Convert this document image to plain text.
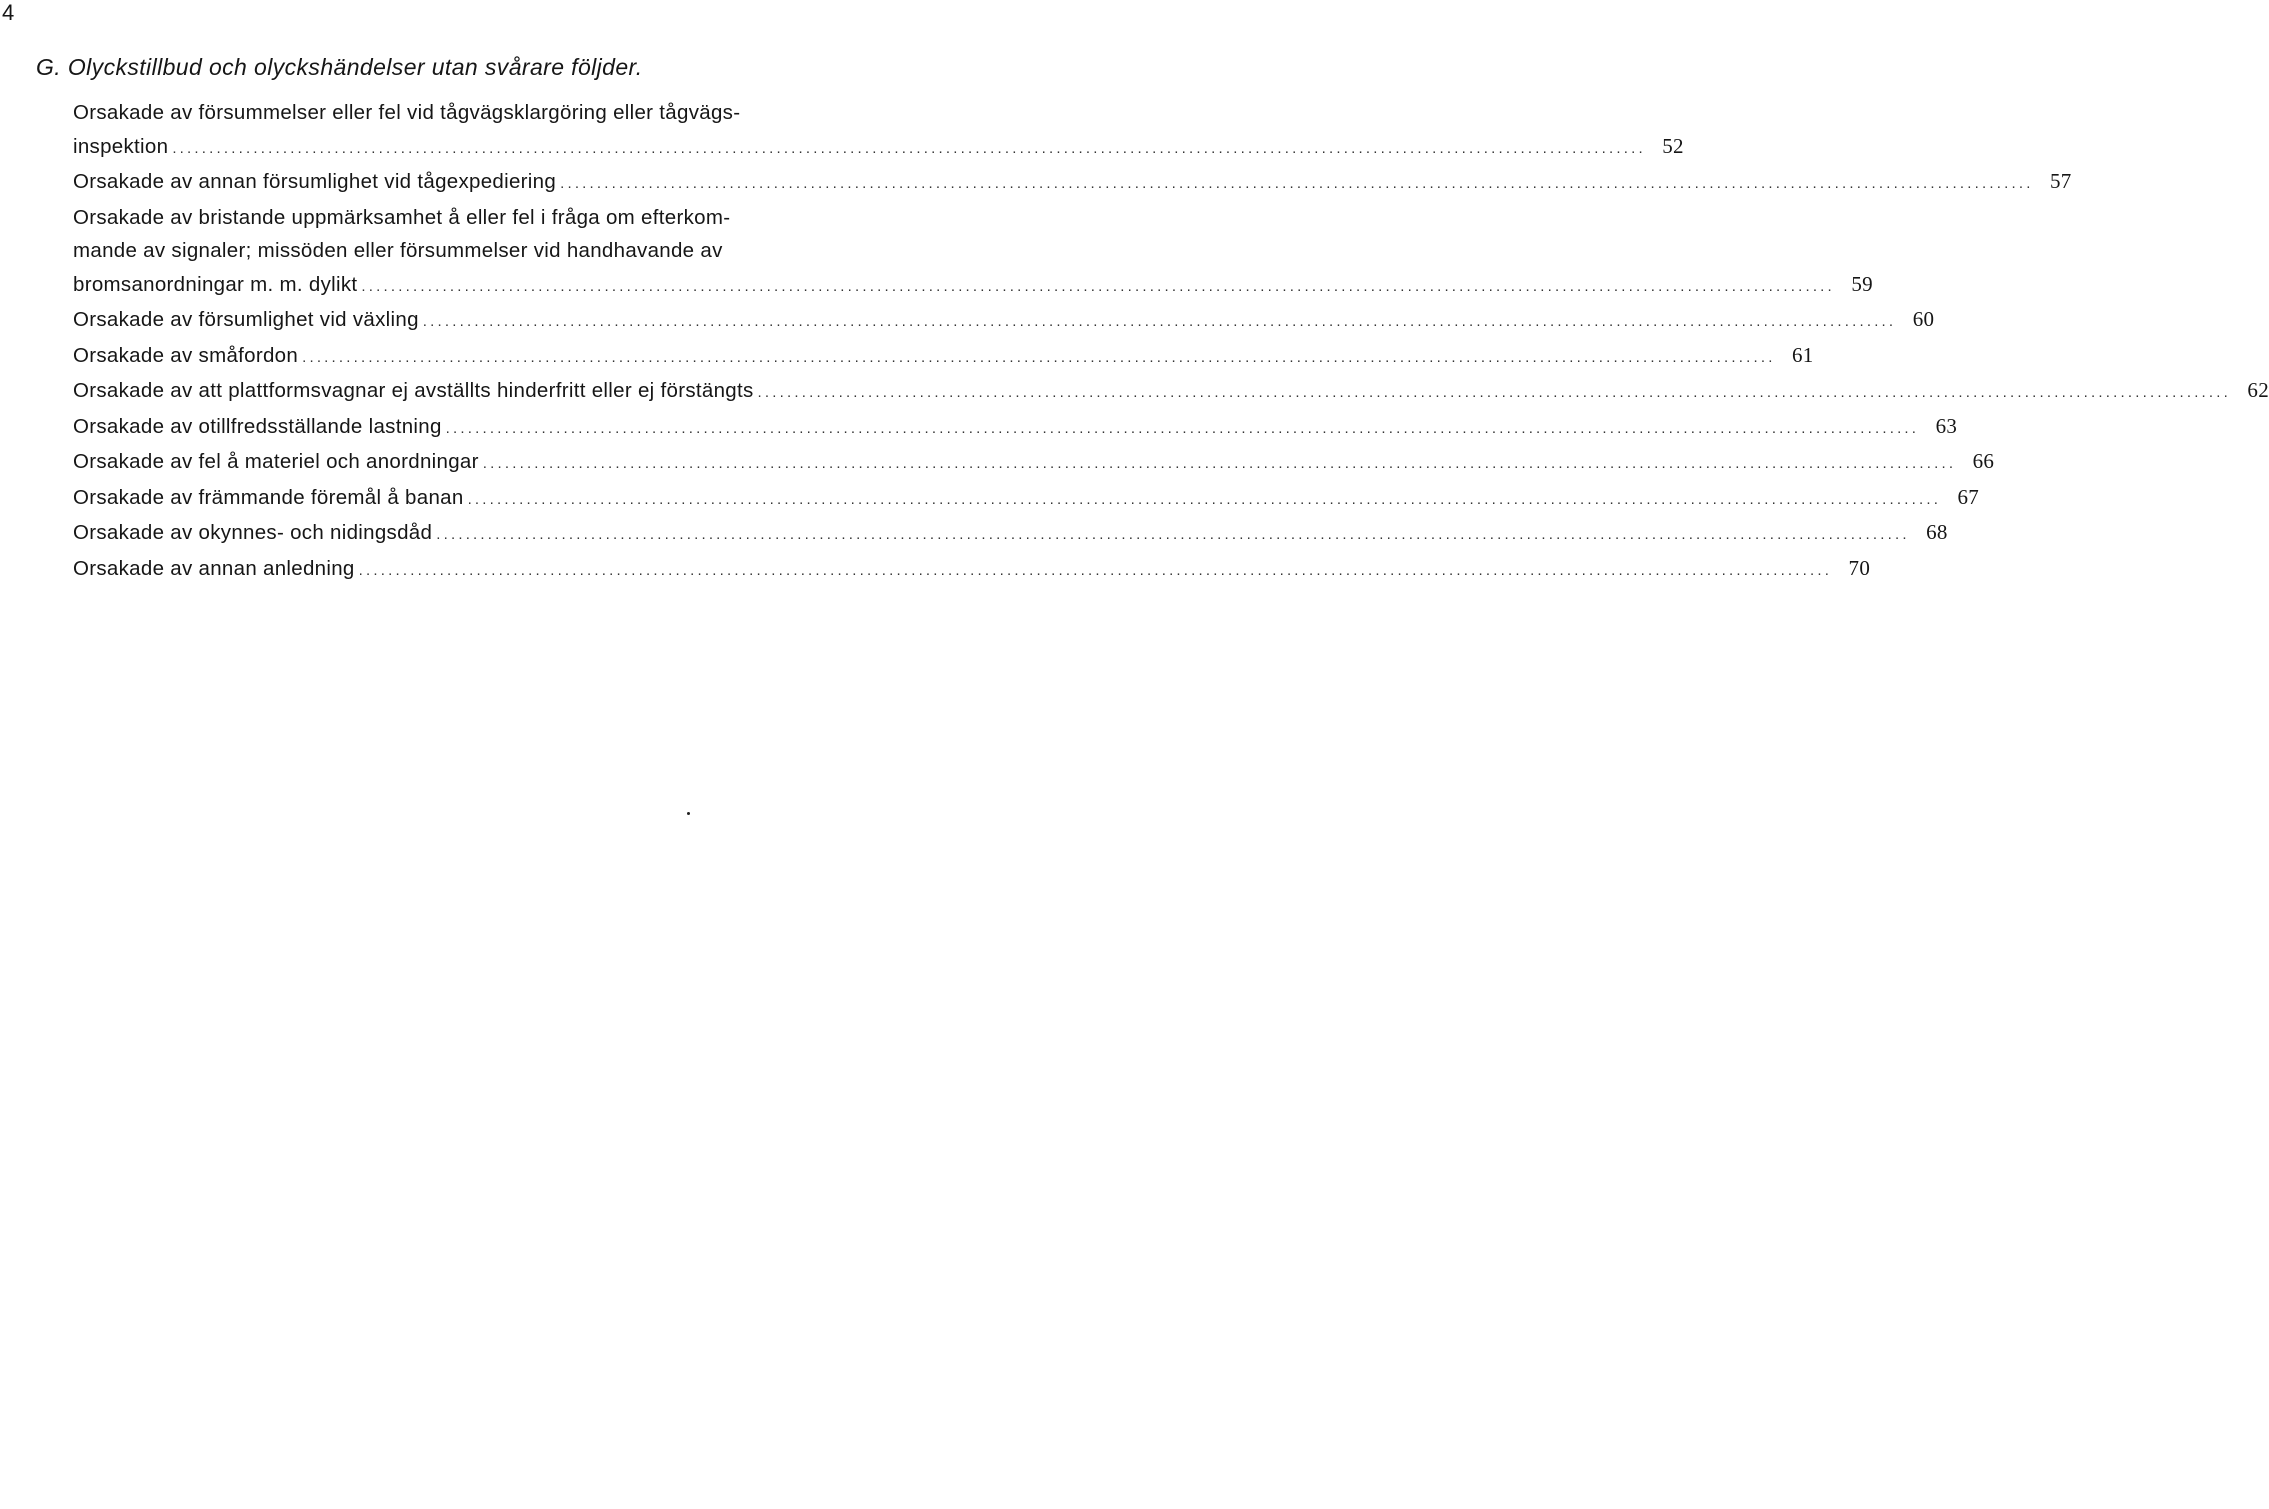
4
G. Olyckstillbud och olyckshändelser utan svårare följder.
Orsakade av försummelser eller fel vid tågvägsklargöring eller tågvägs-
inspektion ........................................................................................................................................................................................................ 52
Orsakade av annan försumlighet vid tågexpediering ........................................................................................................................................................................................................ 57
Orsakade av bristande uppmärksamhet å eller fel i fråga om efterkom-
mande av signaler; missöden eller försummelser vid handhavande av
bromsanordningar m. m. dylikt ........................................................................................................................................................................................................ 59
Orsakade av försumlighet vid växling ........................................................................................................................................................................................................ 60
Orsakade av småfordon ........................................................................................................................................................................................................ 61
Orsakade av att plattformsvagnar ej avställts hinderfritt eller ej förstängts ........................................................................................................................................................................................................ 62
Orsakade av otillfredsställande lastning ........................................................................................................................................................................................................ 63
Orsakade av fel å materiel och anordningar ........................................................................................................................................................................................................ 66
Orsakade av främmande föremål å banan ........................................................................................................................................................................................................ 67
Orsakade av okynnes- och nidingsdåd ........................................................................................................................................................................................................ 68
Orsakade av annan anledning ........................................................................................................................................................................................................ 70
